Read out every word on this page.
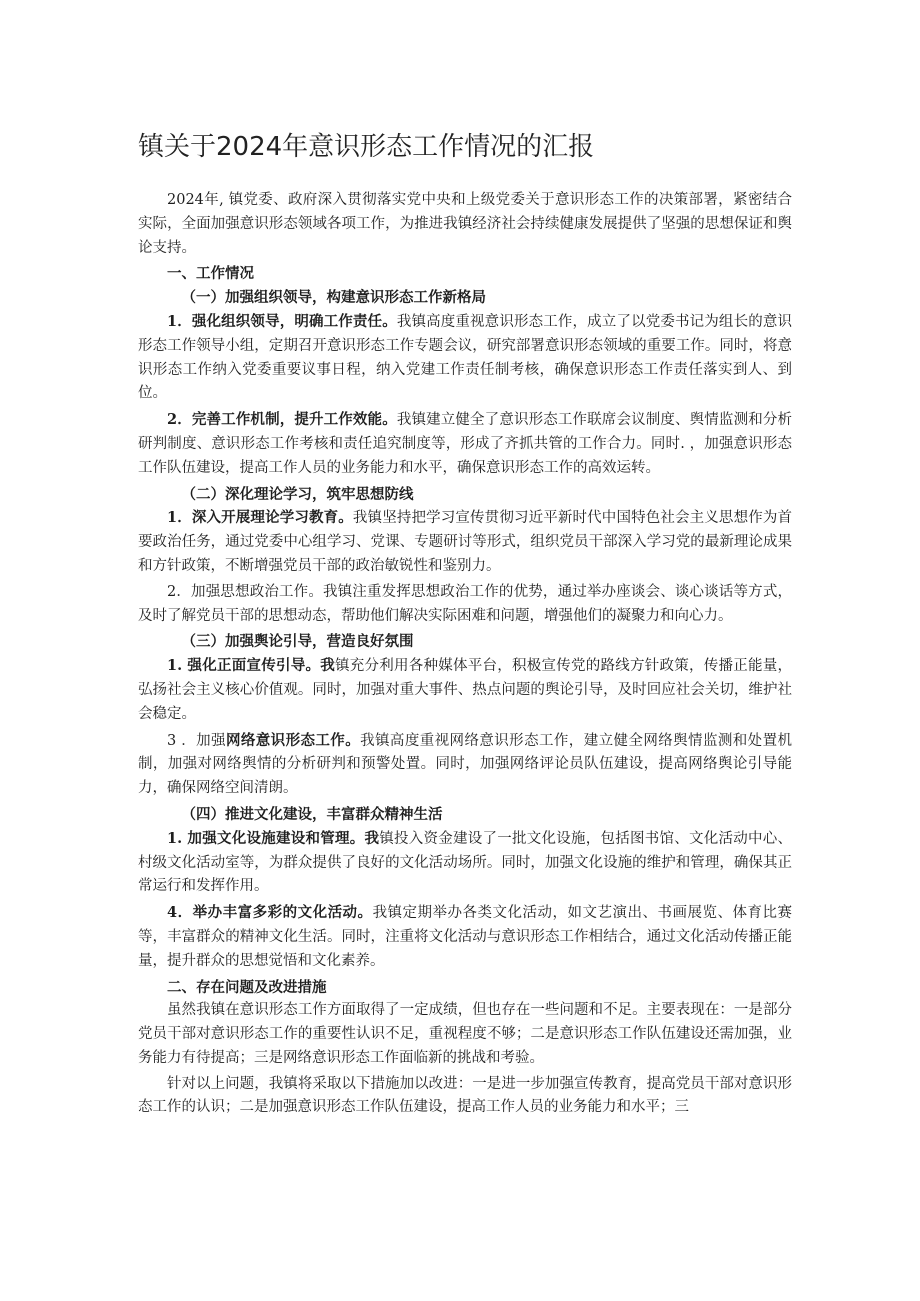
镇关于2024年意识形态工作情况的汇报

2024年, 镇党委、政府深入贯彻落实党中央和上级党委关于意识形态工作的决策部署，紧密结合实际，全面加强意识形态领域各项工作，为推进我镇经济社会持续健康发展提供了坚强的思想保证和舆论支持。

一、工作情况

（一）加强组织领导，构建意识形态工作新格局

1．强化组织领导，明确工作责任。我镇高度重视意识形态工作，成立了以党委书记为组长的意识形态工作领导小组，定期召开意识形态工作专题会议，研究部署意识形态领域的重要工作。同时，将意识形态工作纳入党委重要议事日程，纳入党建工作责任制考核，确保意识形态工作责任落实到人、到位。

2．完善工作机制，提升工作效能。我镇建立健全了意识形态工作联席会议制度、舆情监测和分析研判制度、意识形态工作考核和责任追究制度等，形成了齐抓共管的工作合力。同时. ，加强意识形态工作队伍建设，提高工作人员的业务能力和水平，确保意识形态工作的高效运转。

（二）深化理论学习，筑牢思想防线

1．深入开展理论学习教育。我镇坚持把学习宣传贯彻习近平新时代中国特色社会主义思想作为首要政治任务，通过党委中心组学习、党课、专题研讨等形式，组织党员干部深入学习党的最新理论成果和方针政策，不断增强党员干部的政治敏锐性和鉴别力。

2．加强思想政治工作。我镇注重发挥思想政治工作的优势，通过举办座谈会、谈心谈话等方式，及时了解党员干部的思想动态，帮助他们解决实际困难和问题，增强他们的凝聚力和向心力。

（三）加强舆论引导，营造良好氛围

1. 强化正面宣传引导。我镇充分利用各种媒体平台，积极宣传党的路线方针政策，传播正能量，弘扬社会主义核心价值观。同时，加强对重大事件、热点问题的舆论引导，及时回应社会关切，维护社会稳定。

3 ．加强网络意识形态工作。我镇高度重视网络意识形态工作，建立健全网络舆情监测和处置机制，加强对网络舆情的分析研判和预警处置。同时，加强网络评论员队伍建设，提高网络舆论引导能力，确保网络空间清朗。

（四）推进文化建设，丰富群众精神生活

1. 加强文化设施建设和管理。我镇投入资金建设了一批文化设施，包括图书馆、文化活动中心、村级文化活动室等，为群众提供了良好的文化活动场所。同时，加强文化设施的维护和管理，确保其正常运行和发挥作用。

4．举办丰富多彩的文化活动。我镇定期举办各类文化活动，如文艺演出、书画展览、体育比赛等，丰富群众的精神文化生活。同时，注重将文化活动与意识形态工作相结合，通过文化活动传播正能量，提升群众的思想觉悟和文化素养。

二、存在问题及改进措施

虽然我镇在意识形态工作方面取得了一定成绩，但也存在一些问题和不足。主要表现在：一是部分党员干部对意识形态工作的重要性认识不足，重视程度不够；二是意识形态工作队伍建设还需加强，业务能力有待提高；三是网络意识形态工作面临新的挑战和考验。

针对以上问题，我镇将采取以下措施加以改进：一是进一步加强宣传教育，提高党员干部对意识形态工作的认识；二是加强意识形态工作队伍建设，提高工作人员的业务能力和水平；三
